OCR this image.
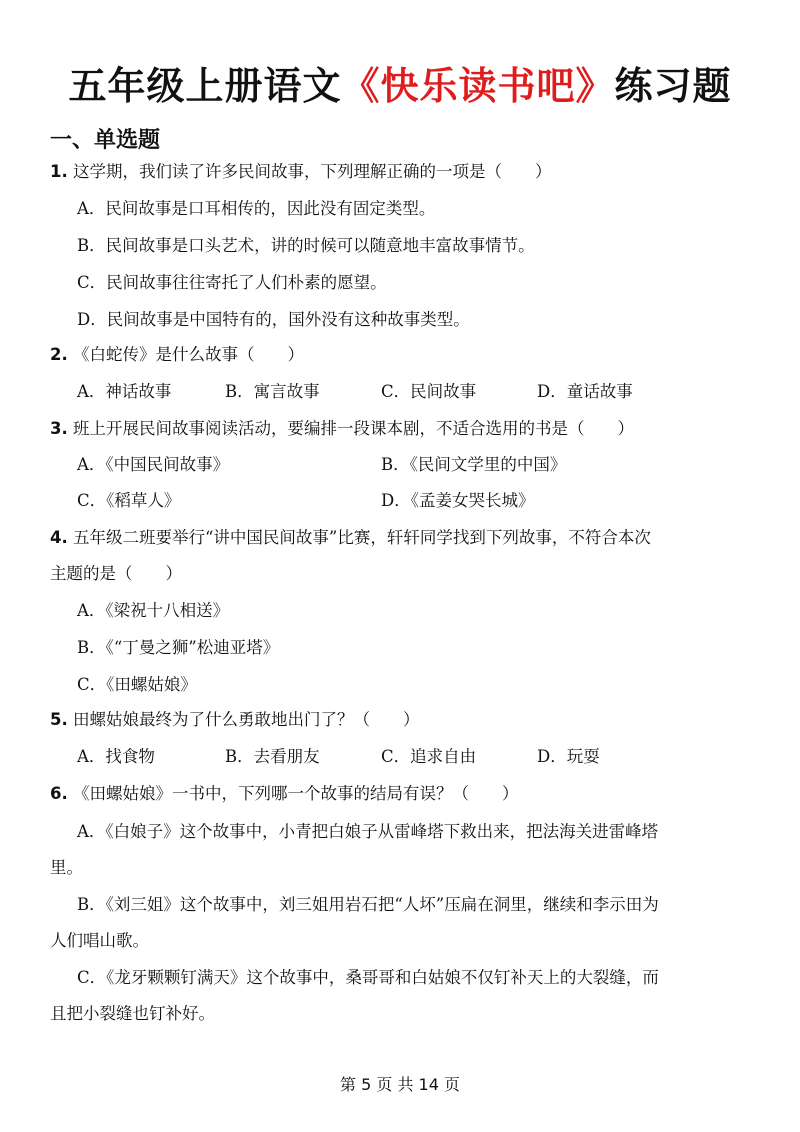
五年级上册语文《快乐读书吧》练习题
一、单选题
1. 这学期，我们读了许多民间故事，下列理解正确的一项是（　　）
A．民间故事是口耳相传的，因此没有固定类型。
B．民间故事是口头艺术，讲的时候可以随意地丰富故事情节。
C．民间故事往往寄托了人们朴素的愿望。
D．民间故事是中国特有的，国外没有这种故事类型。
2. 《白蛇传》是什么故事（　　）
A．神话故事	B．寓言故事	C．民间故事	D．童话故事
3. 班上开展民间故事阅读活动，要编排一段课本剧，不适合选用的书是（　　）
A．《中国民间故事》	B．《民间文学里的中国》
C．《稻草人》	D．《孟姜女哭长城》
4. 五年级二班要举行“讲中国民间故事”比赛，轩轩同学找到下列故事，不符合本次
主题的是（　　）
A．《梁祝十八相送》
B．《“丁曼之狮”松迪亚塔》
C．《田螺姑娘》
5. 田螺姑娘最终为了什么勇敢地出门了？（　　）
A．找食物	B．去看朋友	C．追求自由	D．玩耍
6. 《田螺姑娘》一书中，下列哪一个故事的结局有误？（　　）
A．《白娘子》这个故事中，小青把白娘子从雷峰塔下救出来，把法海关进雷峰塔
里。
B．《刘三姐》这个故事中，刘三姐用岩石把“人坏”压扁在洞里，继续和李示田为
人们唱山歌。
C．《龙牙颗颗钉满天》这个故事中，桑哥哥和白姑娘不仅钉补天上的大裂缝，而
且把小裂缝也钉补好。
第 5 页 共 14 页
